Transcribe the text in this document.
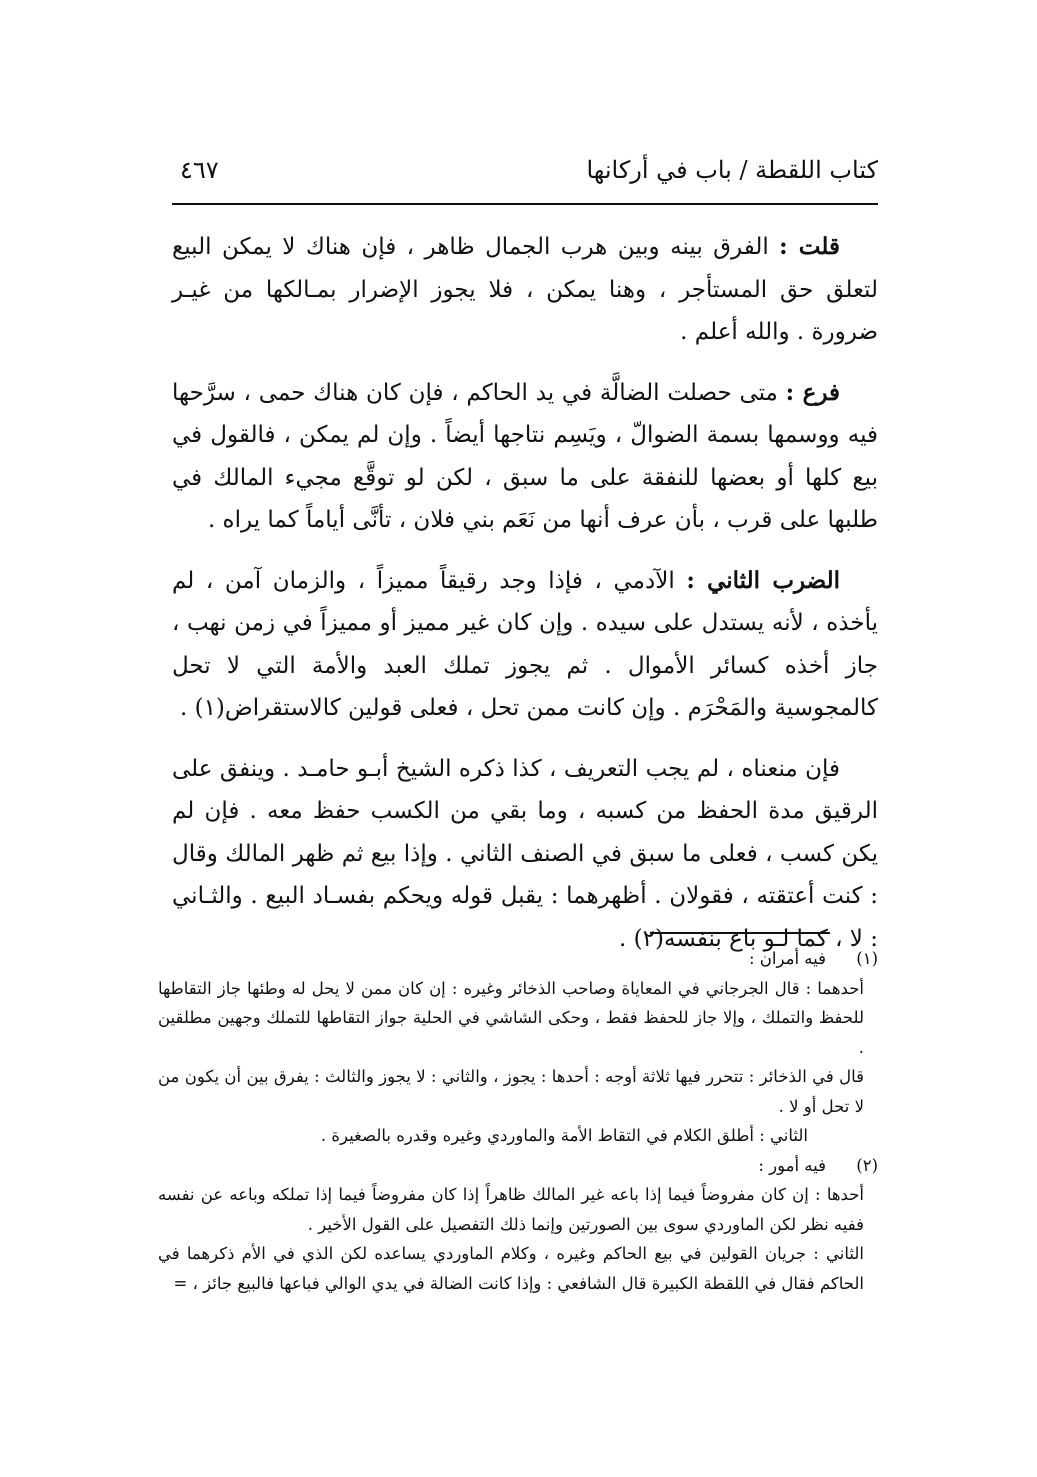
كتاب اللقطة / باب في أركانها
٤٦٧

قلت : الفرق بينه وبين هرب الجمال ظاهر ، فإن هناك لا يمكن البيع لتعلق حق المستأجر ، وهنا يمكن ، فلا يجوز الإضرار بمـالكها من غيـر ضرورة . والله أعلم .

فرع : متى حصلت الضالَّة في يد الحاكم ، فإن كان هناك حمى ، سرَّحها فيه ووسمها بسمة الضوالّ ، ويَسِم نتاجها أيضاً . وإن لم يمكن ، فالقول في بيع كلها أو بعضها للنفقة على ما سبق ، لكن لو توقَّع مجيء المالك في طلبها على قرب ، بأن عرف أنها من نَعَم بني فلان ، تأنَّى أياماً كما يراه .

الضرب الثاني : الآدمي ، فإذا وجد رقيقاً مميزاً ، والزمان آمن ، لم يأخذه ، لأنه يستدل على سيده . وإن كان غير مميز أو مميزاً في زمن نهب ، جاز أخذه كسائر الأموال . ثم يجوز تملك العبد والأمة التي لا تحل كالمجوسية والمَحْرَم . وإن كانت ممن تحل ، فعلى قولين كالاستقراض(١) .

فإن منعناه ، لم يجب التعريف ، كذا ذكره الشيخ أبـو حامـد . وينفق على الرقيق مدة الحفظ من كسبه ، وما بقي من الكسب حفظ معه . فإن لم يكن كسب ، فعلى ما سبق في الصنف الثاني . وإذا بيع ثم ظهر المالك وقال : كنت أعتقته ، فقولان . أظهرهما : يقبل قوله ويحكم بفسـاد البيع . والثـاني : لا ، كما لـو باع بنفسه(٢) .

(١)فيه أمران :

أحدهما : قال الجرجاني في المعاياة وصاحب الذخائر وغيره : إن كان ممن لا يحل له وطئها جاز التقاطها للحفظ والتملك ، وإلا جاز للحفظ فقط ، وحكى الشاشي في الحلية جواز التقاطها للتملك وجهين مطلقين .

قال في الذخائر : تتحرر فيها ثلاثة أوجه : أحدها : يجوز ، والثاني : لا يجوز والثالث : يفرق بين أن يكون من لا تحل أو لا .

الثاني : أطلق الكلام في التقاط الأمة والماوردي وغيره وقدره بالصغيرة .

(٢)فيه أمور :

أحدها : إن كان مفروضاً فيما إذا باعه غير المالك ظاهراً إذا كان مفروضاً فيما إذا تملكه وباعه عن نفسه ففيه نظر لكن الماوردي سوى بين الصورتين وإنما ذلك التفصيل على القول الأخير .

الثاني : جريان القولين في بيع الحاكم وغيره ، وكلام الماوردي يساعده لكن الذي في الأم ذكرهما في الحاكم فقال في اللقطة الكبيرة قال الشافعي : وإذا كانت الضالة في يدي الوالي فباعها فالبيع جائز ، =
